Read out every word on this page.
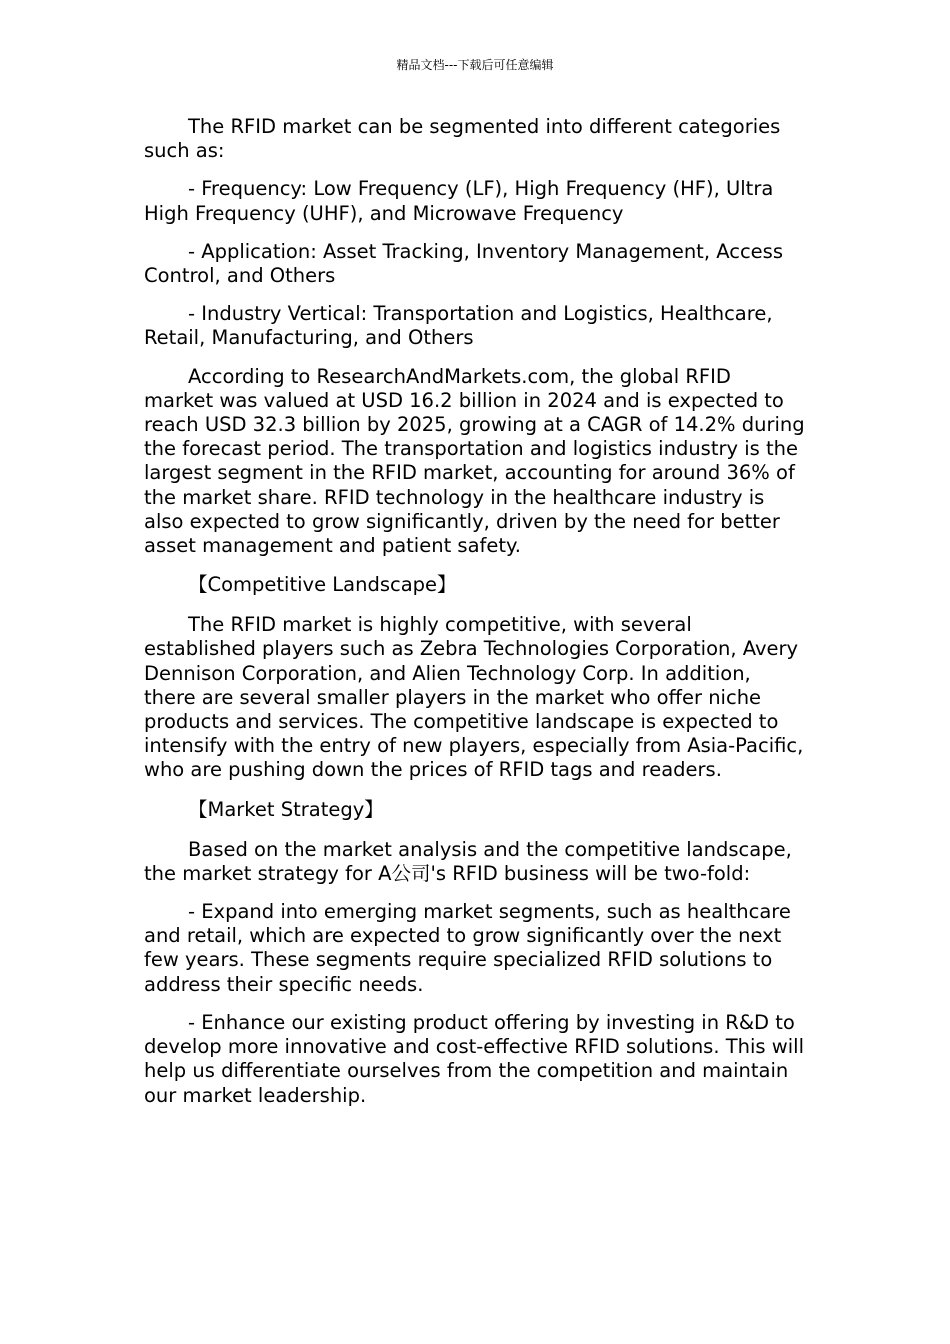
精品文档---下载后可任意编辑

The RFID market can be segmented into different categories such as:

- Frequency: Low Frequency (LF), High Frequency (HF), Ultra High Frequency (UHF), and Microwave Frequency

- Application: Asset Tracking, Inventory Management, Access Control, and Others

- Industry Vertical: Transportation and Logistics, Healthcare, Retail, Manufacturing, and Others

According to ResearchAndMarkets.com, the global RFID market was valued at USD 16.2 billion in 2024 and is expected to reach USD 32.3 billion by 2025, growing at a CAGR of 14.2% during the forecast period. The transportation and logistics industry is the largest segment in the RFID market, accounting for around 36% of the market share. RFID technology in the healthcare industry is also expected to grow significantly, driven by the need for better asset management and patient safety.

【Competitive Landscape】

The RFID market is highly competitive, with several established players such as Zebra Technologies Corporation, Avery Dennison Corporation, and Alien Technology Corp. In addition, there are several smaller players in the market who offer niche products and services. The competitive landscape is expected to intensify with the entry of new players, especially from Asia-Pacific, who are pushing down the prices of RFID tags and readers.

【Market Strategy】

Based on the market analysis and the competitive landscape, the market strategy for A公司's RFID business will be two-fold:

- Expand into emerging market segments, such as healthcare and retail, which are expected to grow significantly over the next few years. These segments require specialized RFID solutions to address their specific needs.

- Enhance our existing product offering by investing in R&D to develop more innovative and cost-effective RFID solutions. This will help us differentiate ourselves from the competition and maintain our market leadership.
